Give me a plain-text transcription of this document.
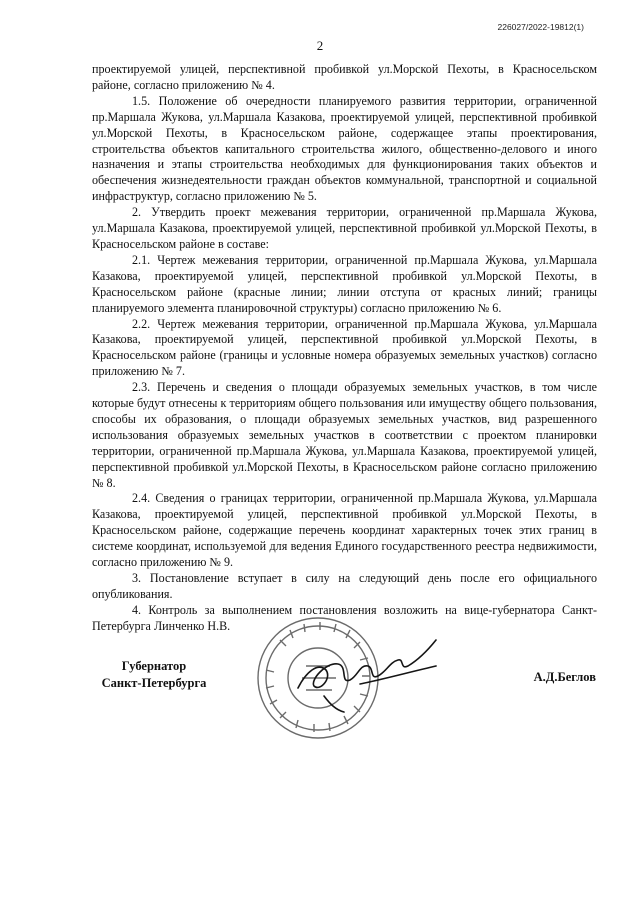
226027/2022-19812(1)
2

проектируемой улицей, перспективной пробивкой ул.Морской Пехоты, в Красносельском районе, согласно приложению № 4.

1.5. Положение об очередности планируемого развития территории, ограниченной пр.Маршала Жукова, ул.Маршала Казакова, проектируемой улицей, перспективной пробивкой ул.Морской Пехоты, в Красносельском районе, содержащее этапы проектирования, строительства объектов капитального строительства жилого, общественно-делового и иного назначения и этапы строительства необходимых для функционирования таких объектов и обеспечения жизнедеятельности граждан объектов коммунальной, транспортной и социальной инфраструктур, согласно приложению № 5.

2. Утвердить проект межевания территории, ограниченной пр.Маршала Жукова, ул.Маршала Казакова, проектируемой улицей, перспективной пробивкой ул.Морской Пехоты, в Красносельском районе в составе:

2.1. Чертеж межевания территории, ограниченной пр.Маршала Жукова, ул.Маршала Казакова, проектируемой улицей, перспективной пробивкой ул.Морской Пехоты, в Красносельском районе (красные линии; линии отступа от красных линий; границы планируемого элемента планировочной структуры) согласно приложению № 6.

2.2. Чертеж межевания территории, ограниченной пр.Маршала Жукова, ул.Маршала Казакова, проектируемой улицей, перспективной пробивкой ул.Морской Пехоты, в Красносельском районе (границы и условные номера образуемых земельных участков) согласно приложению № 7.

2.3. Перечень и сведения о площади образуемых земельных участков, в том числе которые будут отнесены к территориям общего пользования или имуществу общего пользования, способы их образования, о площади образуемых земельных участков, вид разрешенного использования образуемых земельных участков в соответствии с проектом планировки территории, ограниченной пр.Маршала Жукова, ул.Маршала Казакова, проектируемой улицей, перспективной пробивкой ул.Морской Пехоты, в Красносельском районе согласно приложению № 8.

2.4. Сведения о границах территории, ограниченной пр.Маршала Жукова, ул.Маршала Казакова, проектируемой улицей, перспективной пробивкой ул.Морской Пехоты, в Красносельском районе, содержащие перечень координат характерных точек этих границ в системе координат, используемой для ведения Единого государственного реестра недвижимости, согласно приложению № 9.

3. Постановление вступает в силу на следующий день после его официального опубликования.

4. Контроль за выполнением постановления возложить на вице-губернатора Санкт-Петербурга Линченко Н.В.

Губернатор
Санкт-Петербурга	А.Д.Беглов
